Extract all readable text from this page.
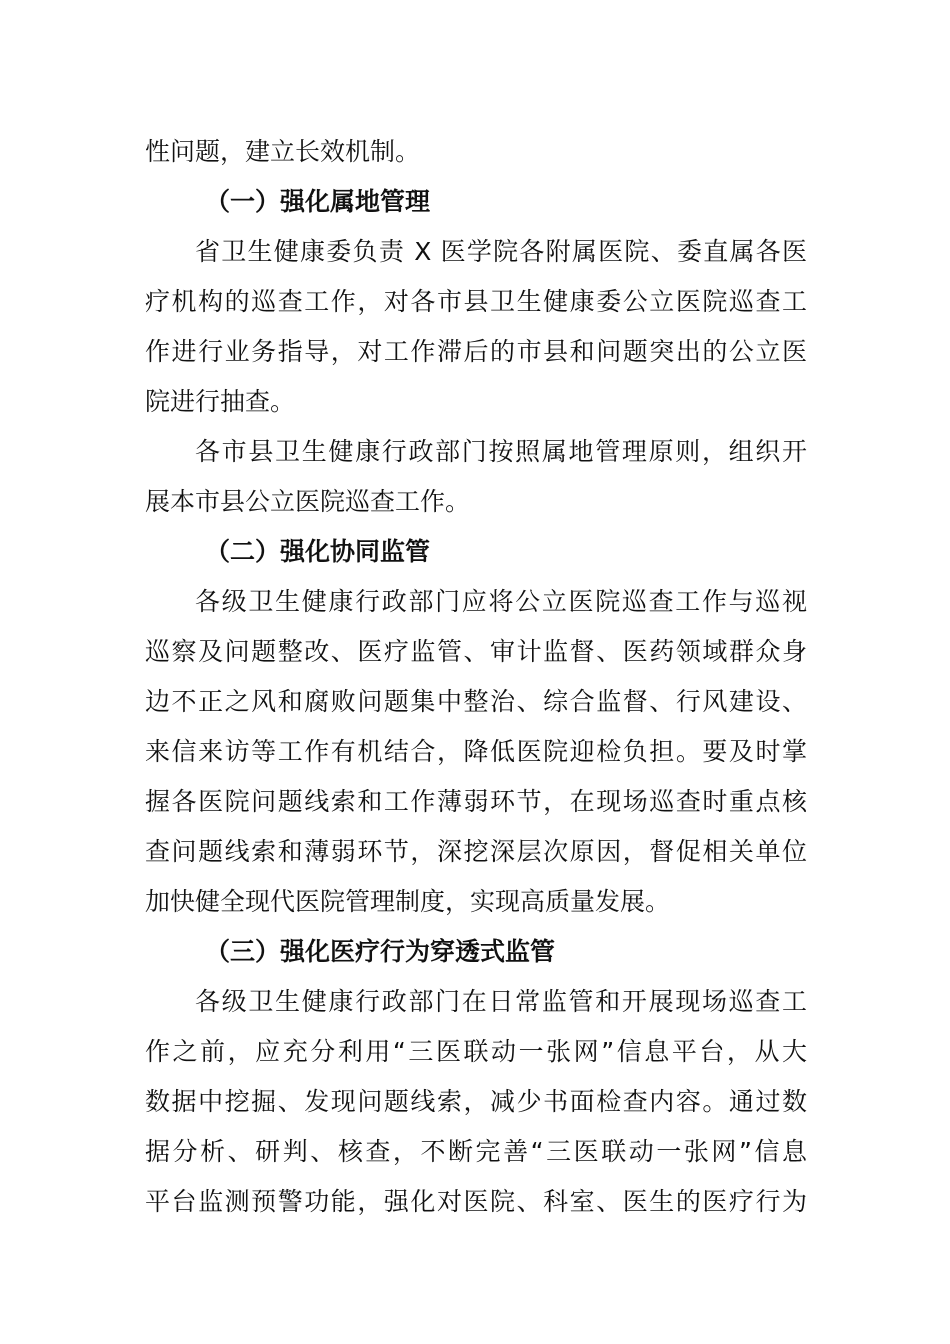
性问题，建立长效机制。
（一）强化属地管理
省卫生健康委负责 X 医学院各附属医院、委直属各医
疗机构的巡查工作，对各市县卫生健康委公立医院巡查工
作进行业务指导，对工作滞后的市县和问题突出的公立医
院进行抽查。
各市县卫生健康行政部门按照属地管理原则，组织开
展本市县公立医院巡查工作。
（二）强化协同监管
各级卫生健康行政部门应将公立医院巡查工作与巡视
巡察及问题整改、医疗监管、审计监督、医药领域群众身
边不正之风和腐败问题集中整治、综合监督、行风建设、
来信来访等工作有机结合，降低医院迎检负担。要及时掌
握各医院问题线索和工作薄弱环节，在现场巡查时重点核
查问题线索和薄弱环节，深挖深层次原因，督促相关单位
加快健全现代医院管理制度，实现高质量发展。
（三）强化医疗行为穿透式监管
各级卫生健康行政部门在日常监管和开展现场巡查工
作之前，应充分利用“三医联动一张网”信息平台，从大
数据中挖掘、发现问题线索，减少书面检查内容。通过数
据分析、研判、核查，不断完善“三医联动一张网”信息
平台监测预警功能，强化对医院、科室、医生的医疗行为
